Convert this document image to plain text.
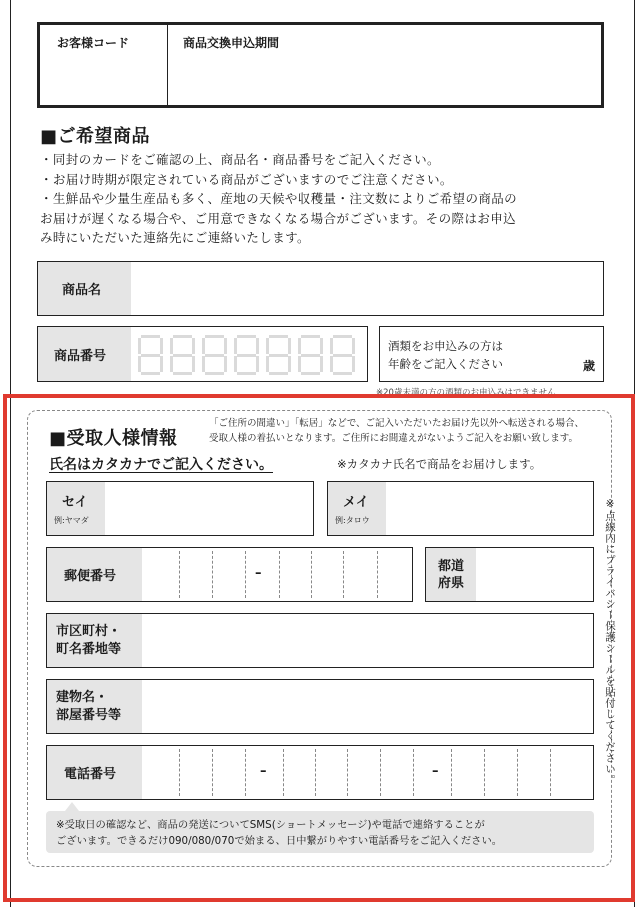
お客様コード	商品交換申込期間
■ご希望商品
・同封のカードをご確認の上、商品名・商品番号をご記入ください。
・お届け時期が限定されている商品がございますのでご注意ください。
・生鮮品や少量生産品も多く、産地の天候や収穫量・注文数によりご希望の商品の
お届けが遅くなる場合や、ご用意できなくなる場合がございます。その際はお申込
み時にいただいた連絡先にご連絡いたします。
商品名
商品番号
酒類をお申込みの方は
年齢をご記入ください	歳
※20歳未満の方の酒類のお申込みはできません
■受取人様情報
「ご住所の間違い」「転居」などで、ご記入いただいたお届け先以外へ転送される場合、
受取人様の着払いとなります。ご住所にお間違えがないようご記入をお願い致します。
氏名はカタカナでご記入ください。	※カタカナ氏名で商品をお届けします。
セイ
例:ヤマダ
メイ
例:タロウ
郵便番号	–	都道
府県
市区町村・
町名番地等
建物名・
部屋番号等
電話番号	–	–
※受取日の確認など、商品の発送についてSMS(ショートメッセージ)や電話で連絡することが
ございます。できるだけ090/080/070で始まる、日中繋がりやすい電話番号をご記入ください。
※点線内にプライバシー保護シールを貼付してください。
